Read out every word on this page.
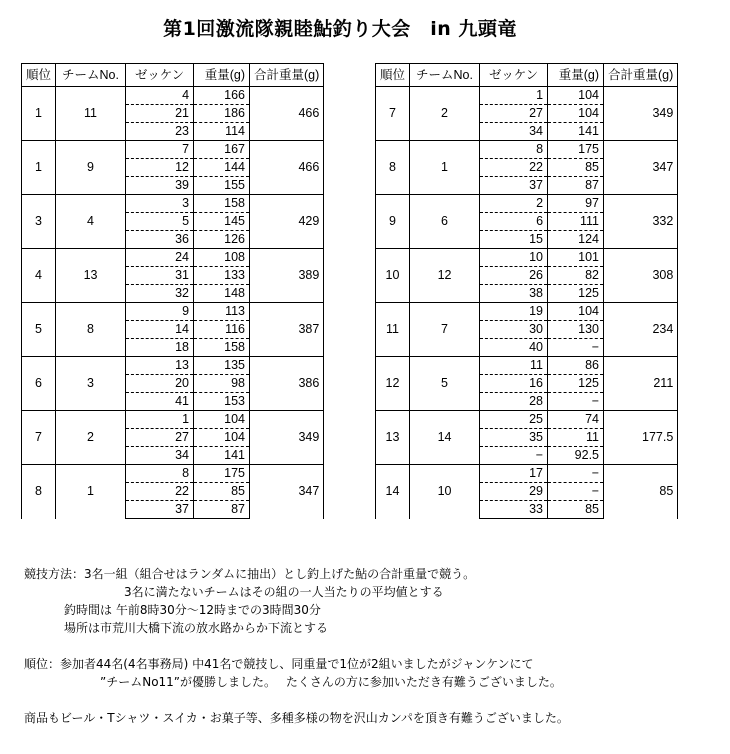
第1回激流隊親睦鮎釣り大会　in 九頭竜
順位	チームNo.	ゼッケン	重量(g)	合計重量(g)
1	11	4	166	466
		21	186	
		23	114	
1	9	7	167	466
		12	144	
		39	155	
3	4	3	158	429
		5	145	
		36	126	
4	13	24	108	389
		31	133	
		32	148	
5	8	9	113	387
		14	116	
		18	158	
6	3	13	135	386
		20	98	
		41	153	
7	2	1	104	349
		27	104	
		34	141	
8	1	8	175	347
		22	85	
		37	87	
順位	チームNo.	ゼッケン	重量(g)	合計重量(g)
7	2	1	104	349
		27	104	
		34	141	
8	1	8	175	347
		22	85	
		37	87	
9	6	2	97	332
		6	111	
		15	124	
10	12	10	101	308
		26	82	
		38	125	
11	7	19	104	234
		30	130	
		40	−	
12	5	11	86	211
		16	125	
		28	−	
13	14	25	74	177.5
		35	11	
		−	92.5	
14	10	17	−	85
		29	−	
		33	85	
競技方法：3名一組（組合せはランダムに抽出）とし釣上げた鮎の合計重量で競う。
3名に満たないチームはその組の一人当たりの平均値とする
釣時間は 午前8時30分～12時までの3時間30分
場所は市荒川大橋下流の放水路からか下流とする
順位：参加者44名(4名事務局) 中41名で競技し、同重量で1位が2組いましたがジャンケンにて
”チームNo11”が優勝しました。　 たくさんの方に参加いただき有難うございました。
商品もビール・Tシャツ・スイカ・お菓子等、多種多様の物を沢山カンパを頂き有難うございました。
